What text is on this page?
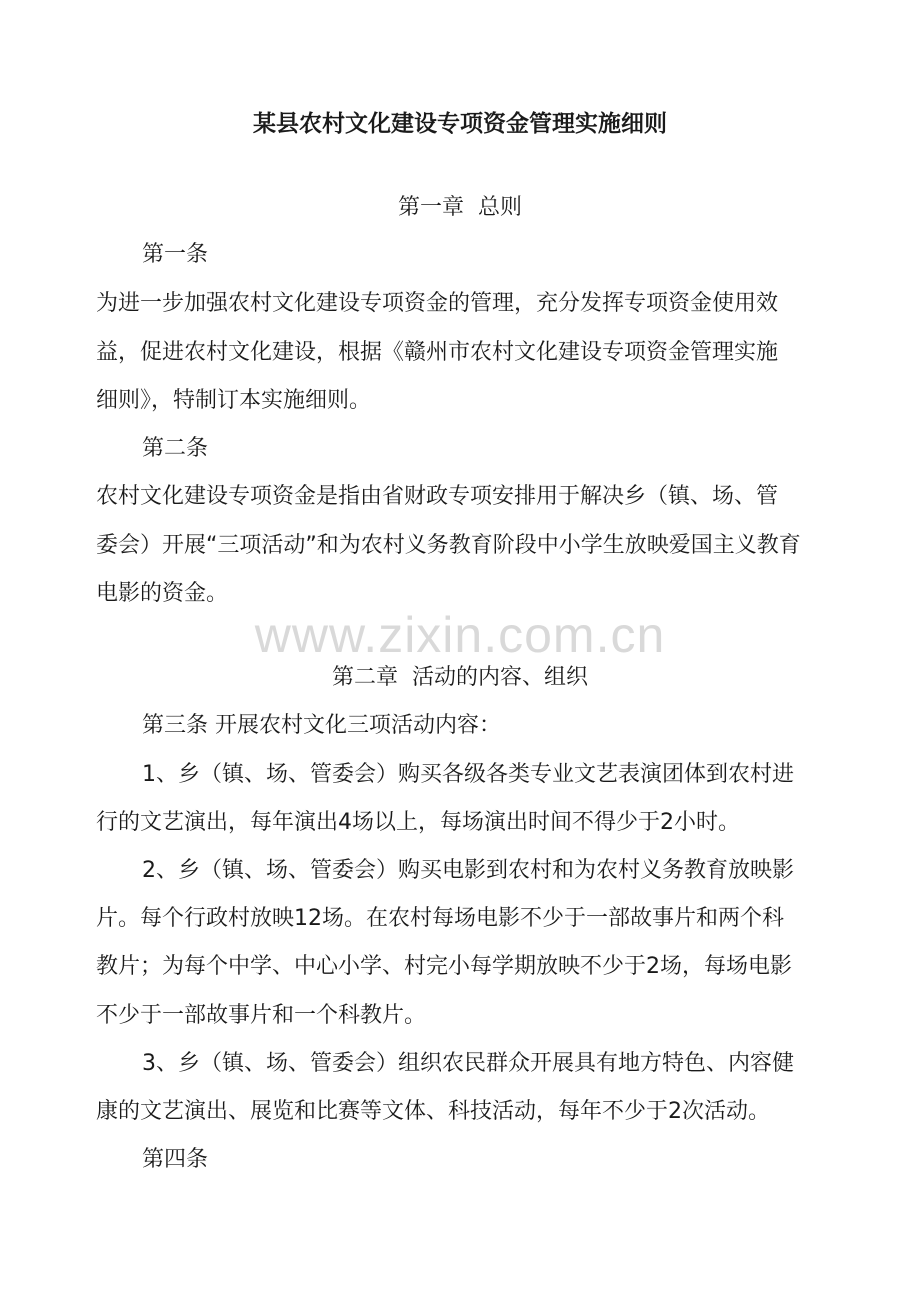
某县农村文化建设专项资金管理实施细则
第一章  总则
第一条
为进一步加强农村文化建设专项资金的管理，充分发挥专项资金使用效
益，促进农村文化建设，根据《赣州市农村文化建设专项资金管理实施
细则》，特制订本实施细则。
第二条
农村文化建设专项资金是指由省财政专项安排用于解决乡（镇、场、管
委会）开展“三项活动”和为农村义务教育阶段中小学生放映爱国主义教育
电影的资金。
www.zixin.com.cn
第二章  活动的内容、组织
第三条 开展农村文化三项活动内容：
1、乡（镇、场、管委会）购买各级各类专业文艺表演团体到农村进
行的文艺演出，每年演出4场以上，每场演出时间不得少于2小时。
2、乡（镇、场、管委会）购买电影到农村和为农村义务教育放映影
片。每个行政村放映12场。在农村每场电影不少于一部故事片和两个科
教片；为每个中学、中心小学、村完小每学期放映不少于2场，每场电影
不少于一部故事片和一个科教片。
3、乡（镇、场、管委会）组织农民群众开展具有地方特色、内容健
康的文艺演出、展览和比赛等文体、科技活动，每年不少于2次活动。
第四条
